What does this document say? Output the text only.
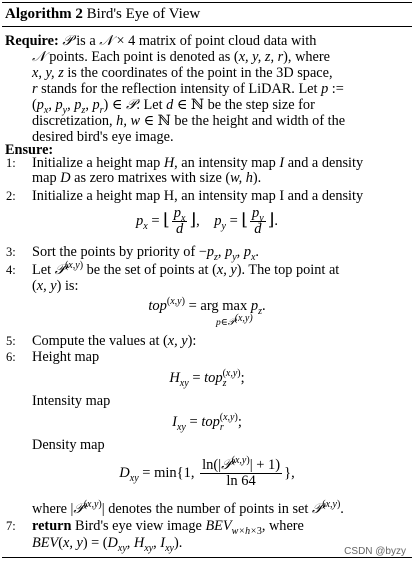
Algorithm 2 Bird's Eye of View
Require: 𝒫 is a 𝒩 × 4 matrix of point cloud data with
𝒩 points. Each point is denoted as (x, y, z, r), where
x, y, z is the coordinates of the point in the 3D space,
r stands for the reflection intensity of LiDAR. Let p :=
($p_x$, $p_y$, $p_z$, $p_r$) ∈ 𝒫. Let d ∈ ℕ be the step size for
discretization, h, w ∈ ℕ be the height and width of the
desired bird's eye image.
Ensure:
1: Initialize a height map H, an intensity map I and a density
map D as zero matrixes with size (w, h).
2: Initialize a height map H, an intensity map I and a density
$p_x$ = ⌊ $\frac{p_x}{d}$ ⌋,    $p_y$ = ⌊ $\frac{p_y}{d}$ ⌋.
3: Sort the points by priority of $-p_z$, $p_y$, $p_x$.
4: Let 𝒫$^{(x,y)}$ be the set of points at (x, y). The top point at
(x, y) is:
top$^{(x,y)}$ = arg $\max p_z$.
p∈𝒫$^{(x,y)}$
5: Compute the values at (x, y):
6: Height map
$H_{xy} = top_z^{(x,y)}$;
Intensity map
$I_{xy} = top_r^{(x,y)}$;
Density map
$D_{xy} = \min\{1$, $\frac{\ln(|𝒫^{(x,y)}| + 1)}{\ln 64}$ },
where |𝒫$^{(x,y)}$| denotes the number of points in set 𝒫$^{(x,y)}$.
7: return Bird's eye view image $BEV_{w\times h\times 3}$, where
BEV(x, $y) = (D_{xy}$, $H_{xy}$, $I_{xy}$).
CSDN @byzy
